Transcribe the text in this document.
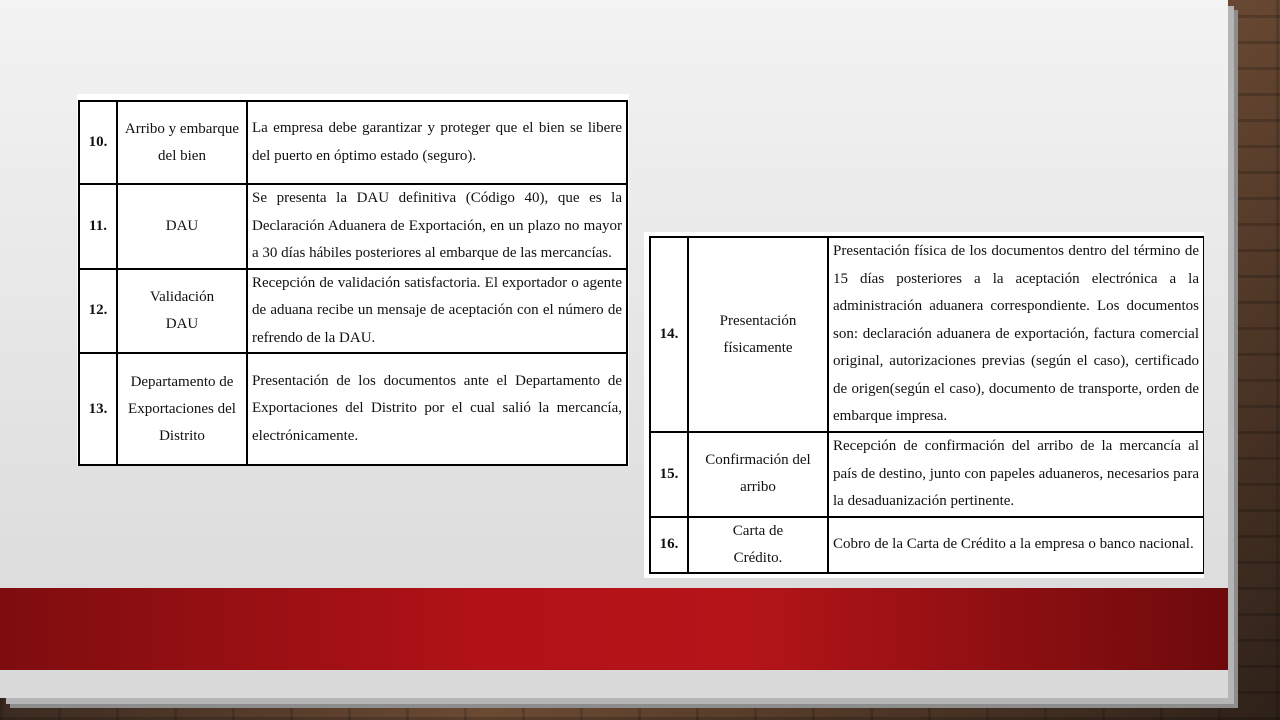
10.	Arribo y embarque del bien	La empresa debe garantizar y proteger que el bien se libere del puerto en óptimo estado (seguro).
11.	DAU	Se presenta la DAU definitiva (Código 40), que es la Declaración Aduanera de Exportación, en un plazo no mayor a 30 días hábiles posteriores al embarque de las mercancías.
12.	Validación DAU	Recepción de validación satisfactoria. El exportador o agente de aduana recibe un mensaje de aceptación con el número de refrendo de la DAU.
13.	Departamento de Exportaciones del Distrito	Presentación de los documentos ante el Departamento de Exportaciones del Distrito por el cual salió la mercancía, electrónicamente.

14.	Presentación físicamente	Presentación física de los documentos dentro del término de 15 días posteriores a la aceptación electrónica a la administración aduanera correspondiente. Los documentos son: declaración aduanera de exportación, factura comercial original, autorizaciones previas (según el caso), certificado de origen(según el caso), documento de transporte, orden de embarque impresa.
15.	Confirmación del arribo	Recepción de confirmación del arribo de la mercancía al país de destino, junto con papeles aduaneros, necesarios para la desaduanización pertinente.
16.	Carta de Crédito.	Cobro de la Carta de Crédito a la empresa o banco nacional.
